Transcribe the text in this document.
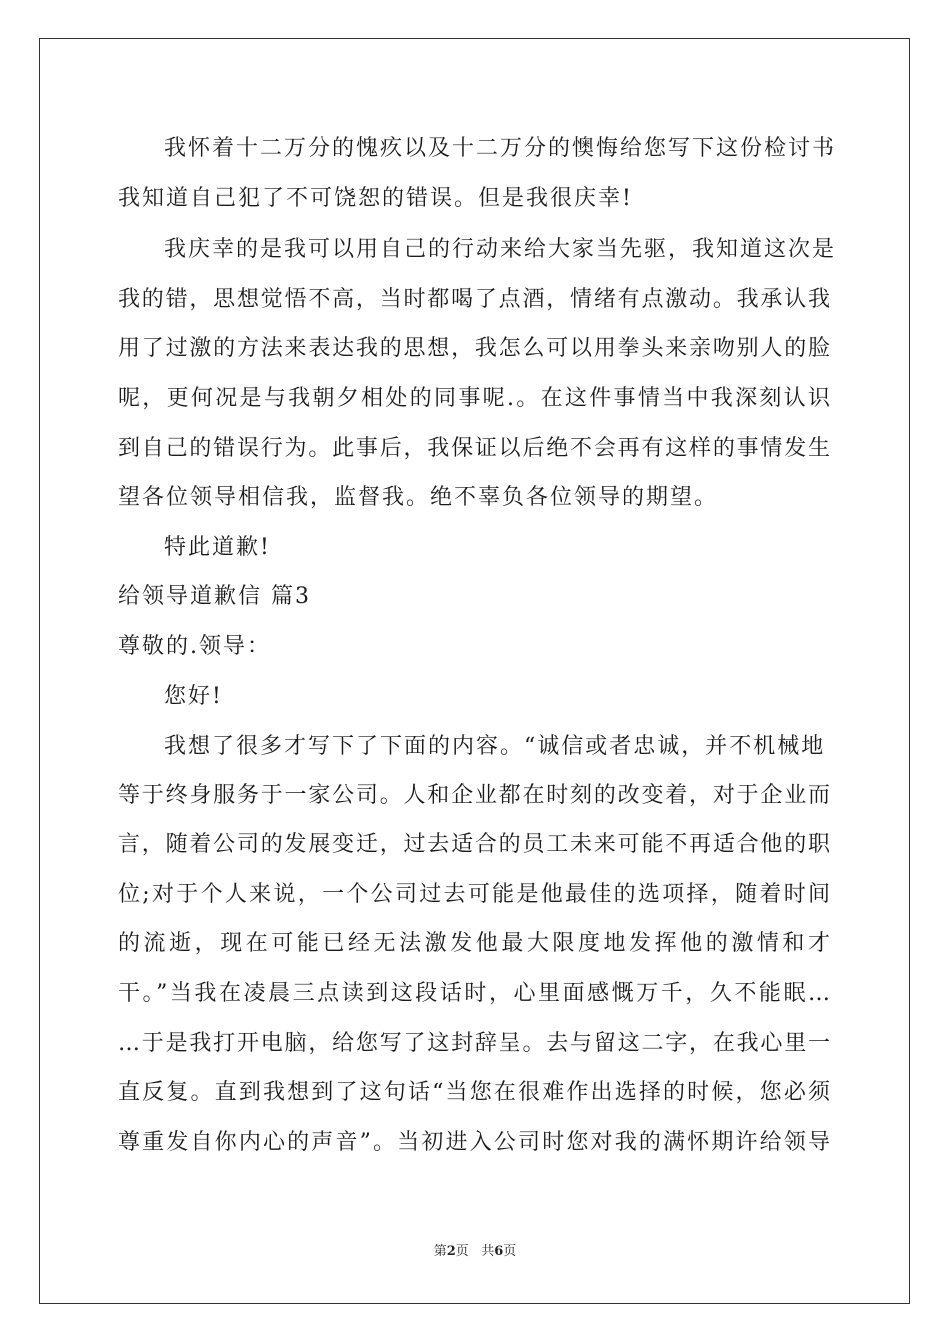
我怀着十二万分的愧疚以及十二万分的懊悔给您写下这份检讨书
我知道自己犯了不可饶恕的错误。但是我很庆幸!
我庆幸的是我可以用自己的行动来给大家当先驱，我知道这次是
我的错，思想觉悟不高，当时都喝了点酒，情绪有点激动。我承认我
用了过激的方法来表达我的思想，我怎么可以用拳头来亲吻别人的脸
呢，更何况是与我朝夕相处的同事呢.。在这件事情当中我深刻认识
到自己的错误行为。此事后，我保证以后绝不会再有这样的事情发生
望各位领导相信我，监督我。绝不辜负各位领导的期望。
特此道歉!
给领导道歉信 篇3
尊敬的.领导：
您好!
我想了很多才写下了下面的内容。“诚信或者忠诚，并不机械地
等于终身服务于一家公司。人和企业都在时刻的改变着，对于企业而
言，随着公司的发展变迁，过去适合的员工未来可能不再适合他的职
位;对于个人来说，一个公司过去可能是他最佳的选项择，随着时间
的流逝，现在可能已经无法激发他最大限度地发挥他的激情和才
干。”当我在凌晨三点读到这段话时，心里面感慨万千，久不能眠…
…于是我打开电脑，给您写了这封辞呈。去与留这二字，在我心里一
直反复。直到我想到了这句话“当您在很难作出选择的时候，您必须
尊重发自你内心的声音”。当初进入公司时您对我的满怀期许给领导
第2页   共6页
